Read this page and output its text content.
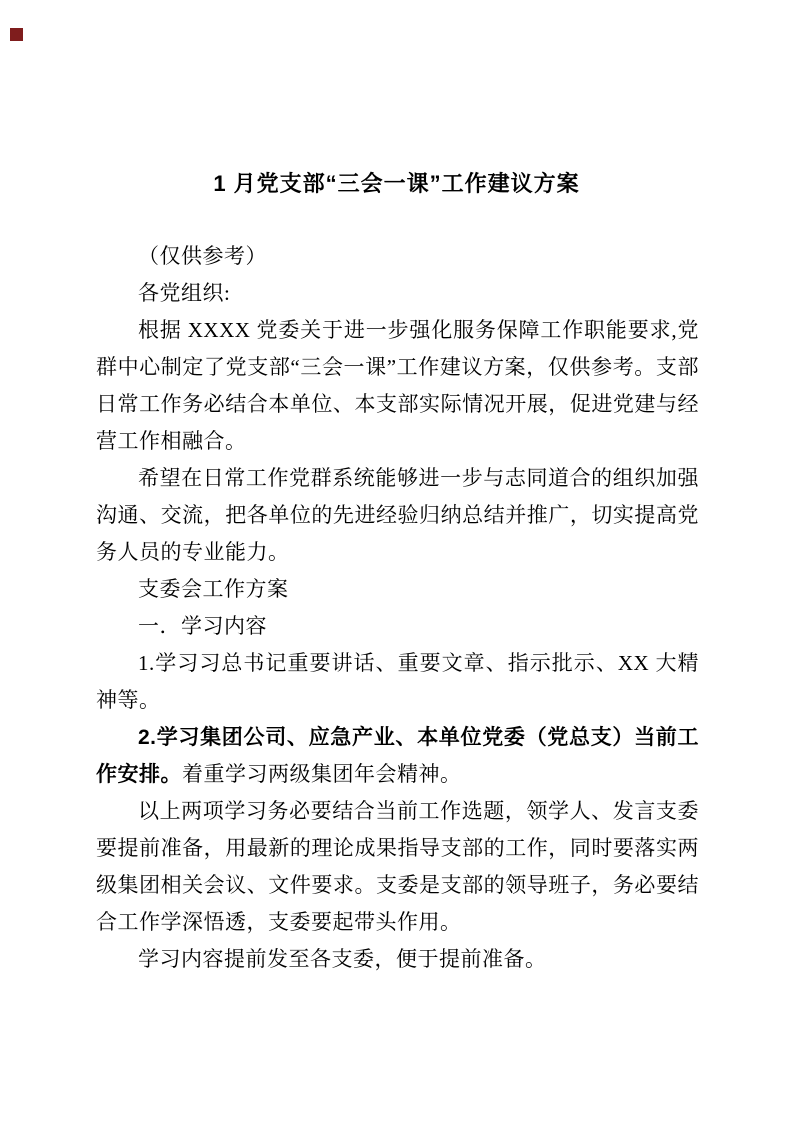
1 月党支部“三会一课”工作建议方案

（仅供参考）

各党组织:

根据 XXXX 党委关于进一步强化服务保障工作职能要求,党群中心制定了党支部“三会一课”工作建议方案，仅供参考。支部日常工作务必结合本单位、本支部实际情况开展，促进党建与经营工作相融合。

希望在日常工作党群系统能够进一步与志同道合的组织加强沟通、交流，把各单位的先进经验归纳总结并推广，切实提高党务人员的专业能力。

支委会工作方案

一．学习内容

1.学习习总书记重要讲话、重要文章、指示批示、XX 大精神等。

2.学习集团公司、应急产业、本单位党委（党总支）当前工作安排。着重学习两级集团年会精神。

以上两项学习务必要结合当前工作选题，领学人、发言支委要提前准备，用最新的理论成果指导支部的工作，同时要落实两级集团相关会议、文件要求。支委是支部的领导班子，务必要结合工作学深悟透，支委要起带头作用。

学习内容提前发至各支委，便于提前准备。
